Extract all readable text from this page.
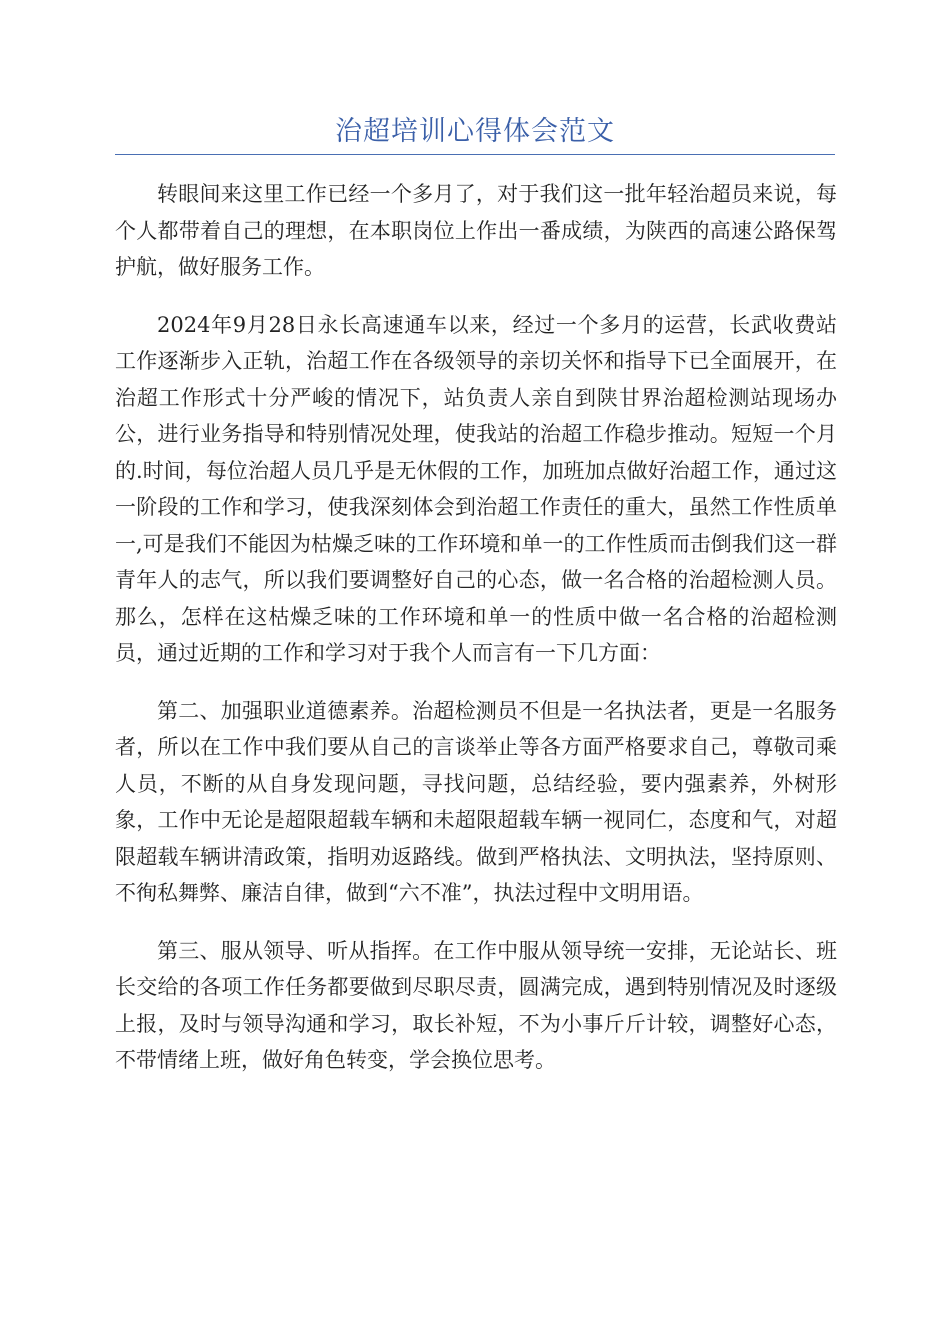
治超培训心得体会范文

转眼间来这里工作已经一个多月了，对于我们这一批年轻治超员来说，每个人都带着自己的理想，在本职岗位上作出一番成绩，为陕西的高速公路保驾护航，做好服务工作。

2024年9月28日永长高速通车以来，经过一个多月的运营，长武收费站工作逐渐步入正轨，治超工作在各级领导的亲切关怀和指导下已全面展开，在治超工作形式十分严峻的情况下，站负责人亲自到陕甘界治超检测站现场办公，进行业务指导和特别情况处理，使我站的治超工作稳步推动。短短一个月的.时间，每位治超人员几乎是无休假的工作，加班加点做好治超工作，通过这一阶段的工作和学习，使我深刻体会到治超工作责任的重大，虽然工作性质单一,可是我们不能因为枯燥乏味的工作环境和单一的工作性质而击倒我们这一群青年人的志气，所以我们要调整好自己的心态，做一名合格的治超检测人员。那么，怎样在这枯燥乏味的工作环境和单一的性质中做一名合格的治超检测员，通过近期的工作和学习对于我个人而言有一下几方面：

第二、加强职业道德素养。治超检测员不但是一名执法者，更是一名服务者，所以在工作中我们要从自己的言谈举止等各方面严格要求自己，尊敬司乘人员，不断的从自身发现问题，寻找问题，总结经验，要内强素养，外树形象，工作中无论是超限超载车辆和未超限超载车辆一视同仁，态度和气，对超限超载车辆讲清政策，指明劝返路线。做到严格执法、文明执法，坚持原则、不徇私舞弊、廉洁自律，做到“六不准”，执法过程中文明用语。

第三、服从领导、听从指挥。在工作中服从领导统一安排，无论站长、班长交给的各项工作任务都要做到尽职尽责，圆满完成，遇到特别情况及时逐级上报，及时与领导沟通和学习，取长补短，不为小事斤斤计较，调整好心态，不带情绪上班，做好角色转变，学会换位思考。
